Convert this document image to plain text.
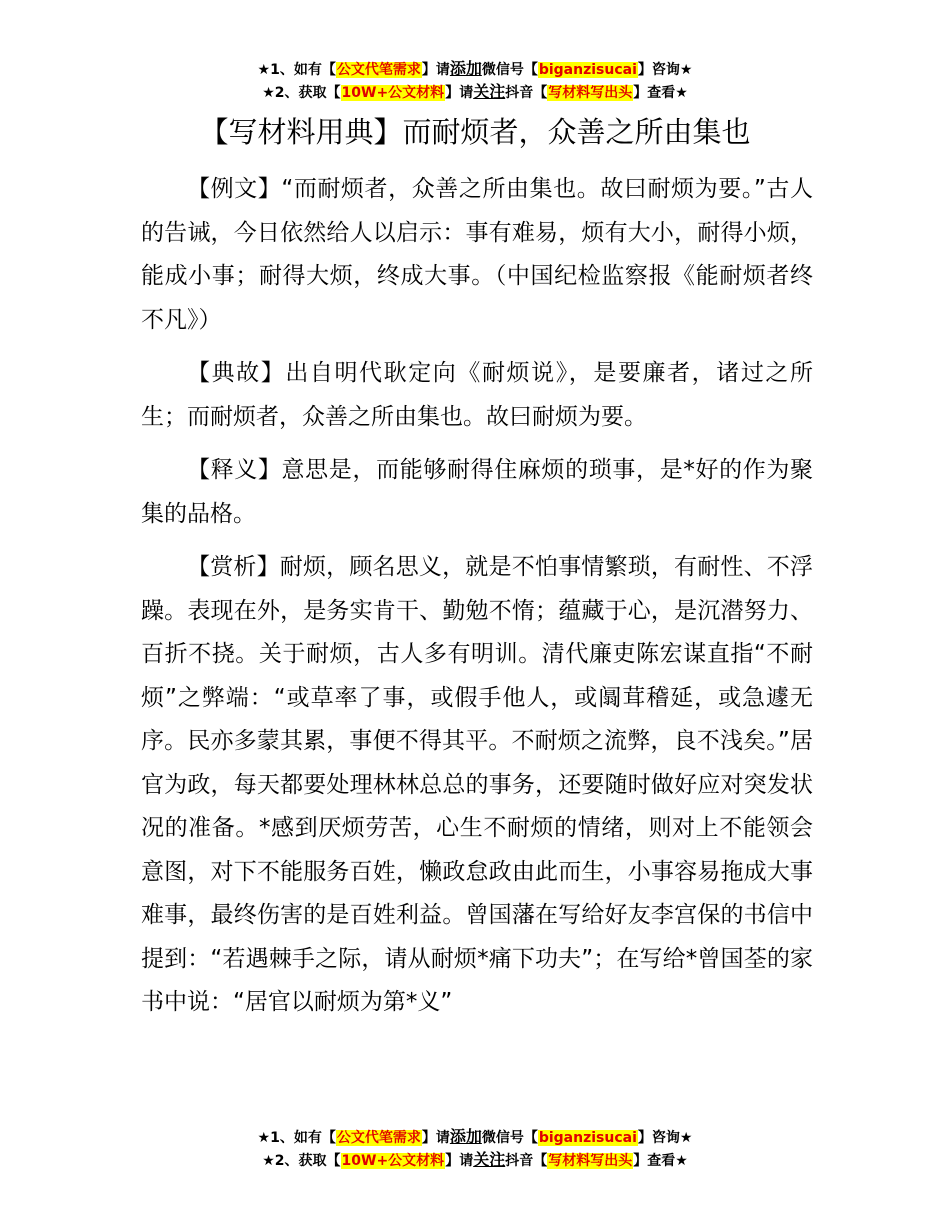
★1、如有【公文代笔需求】请添加微信号【biganzisucai】咨询★
★2、获取【10W+公文材料】请关注抖音【写材料写出头】查看★
【写材料用典】而耐烦者，众善之所由集也

【例文】“而耐烦者，众善之所由集也。故曰耐烦为要。”古人的告诫，今日依然给人以启示：事有难易，烦有大小，耐得小烦，能成小事；耐得大烦，终成大事。（中国纪检监察报《能耐烦者终不凡》）

【典故】出自明代耿定向《耐烦说》，是要廉者，诸过之所生；而耐烦者，众善之所由集也。故曰耐烦为要。

【释义】意思是，而能够耐得住麻烦的琐事，是*好的作为聚集的品格。

【赏析】耐烦，顾名思义，就是不怕事情繁琐，有耐性、不浮躁。表现在外，是务实肯干、勤勉不惰；蕴藏于心，是沉潜努力、百折不挠。关于耐烦，古人多有明训。清代廉吏陈宏谋直指“不耐烦”之弊端：“或草率了事，或假手他人，或阘茸稽延，或急遽无序。民亦多蒙其累，事便不得其平。不耐烦之流弊，良不浅矣。”居官为政，每天都要处理林林总总的事务，还要随时做好应对突发状况的准备。*感到厌烦劳苦，心生不耐烦的情绪，则对上不能领会意图，对下不能服务百姓，懒政怠政由此而生，小事容易拖成大事难事，最终伤害的是百姓利益。曾国藩在写给好友李宫保的书信中提到：“若遇棘手之际，请从耐烦*痛下功夫”；在写给*曾国荃的家书中说：“居官以耐烦为第*义”

★1、如有【公文代笔需求】请添加微信号【biganzisucai】咨询★
★2、获取【10W+公文材料】请关注抖音【写材料写出头】查看★
